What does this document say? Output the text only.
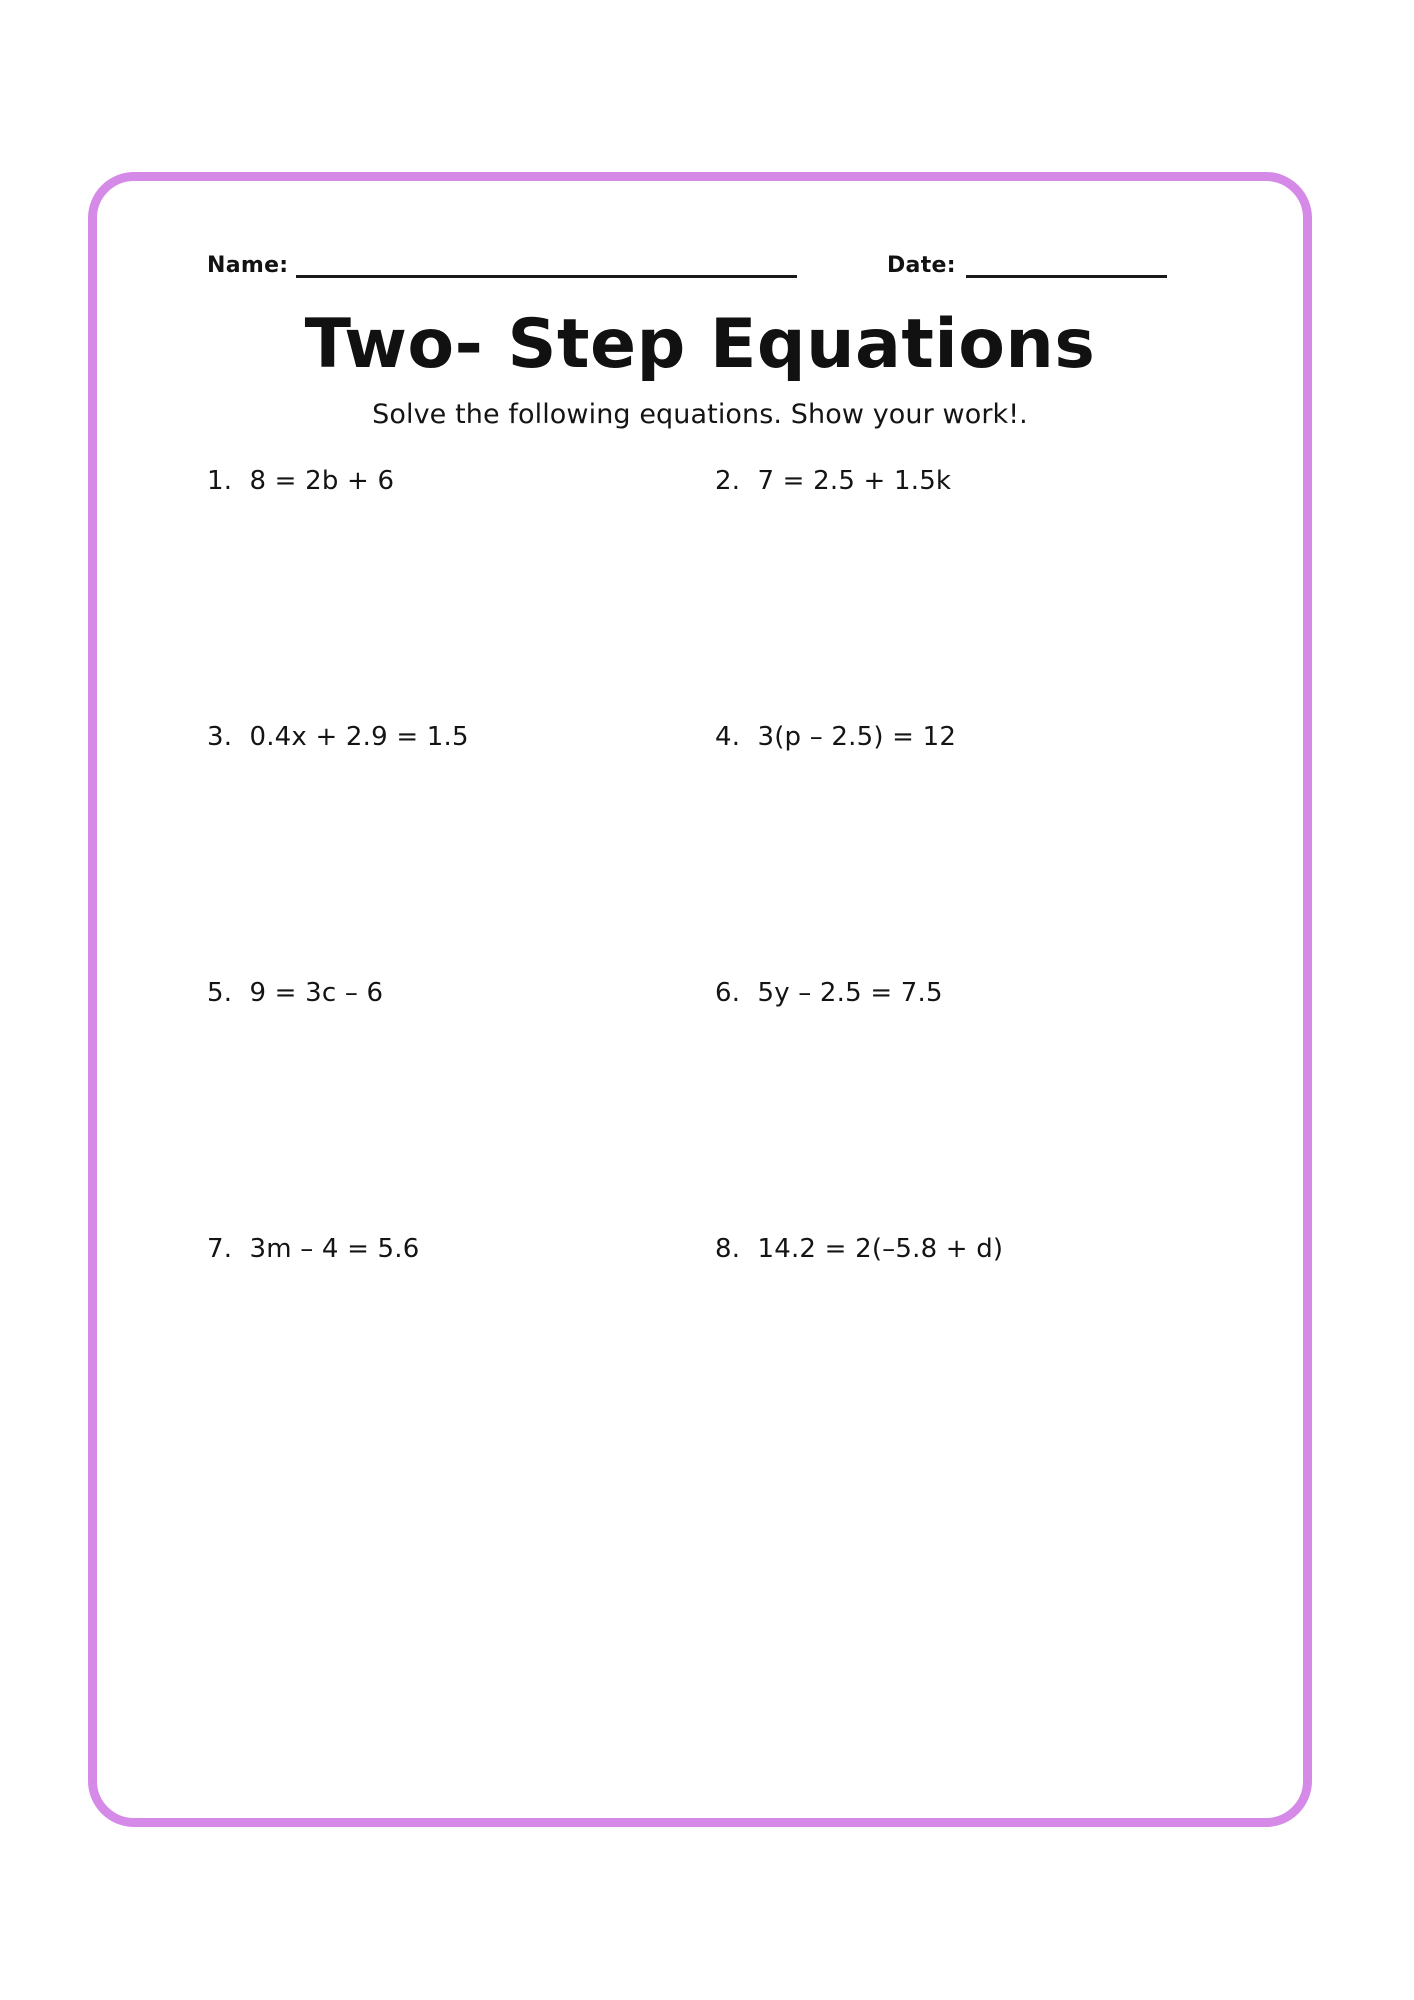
Name:	Date:
Two- Step Equations
Solve the following equations. Show your work!.
1. 8 = 2b + 6	2. 7 = 2.5 + 1.5k
3. 0.4x + 2.9 = 1.5	4. 3(p – 2.5) = 12
5. 9 = 3c – 6	6. 5y – 2.5 = 7.5
7. 3m – 4 = 5.6	8. 14.2 = 2(–5.8 + d)
